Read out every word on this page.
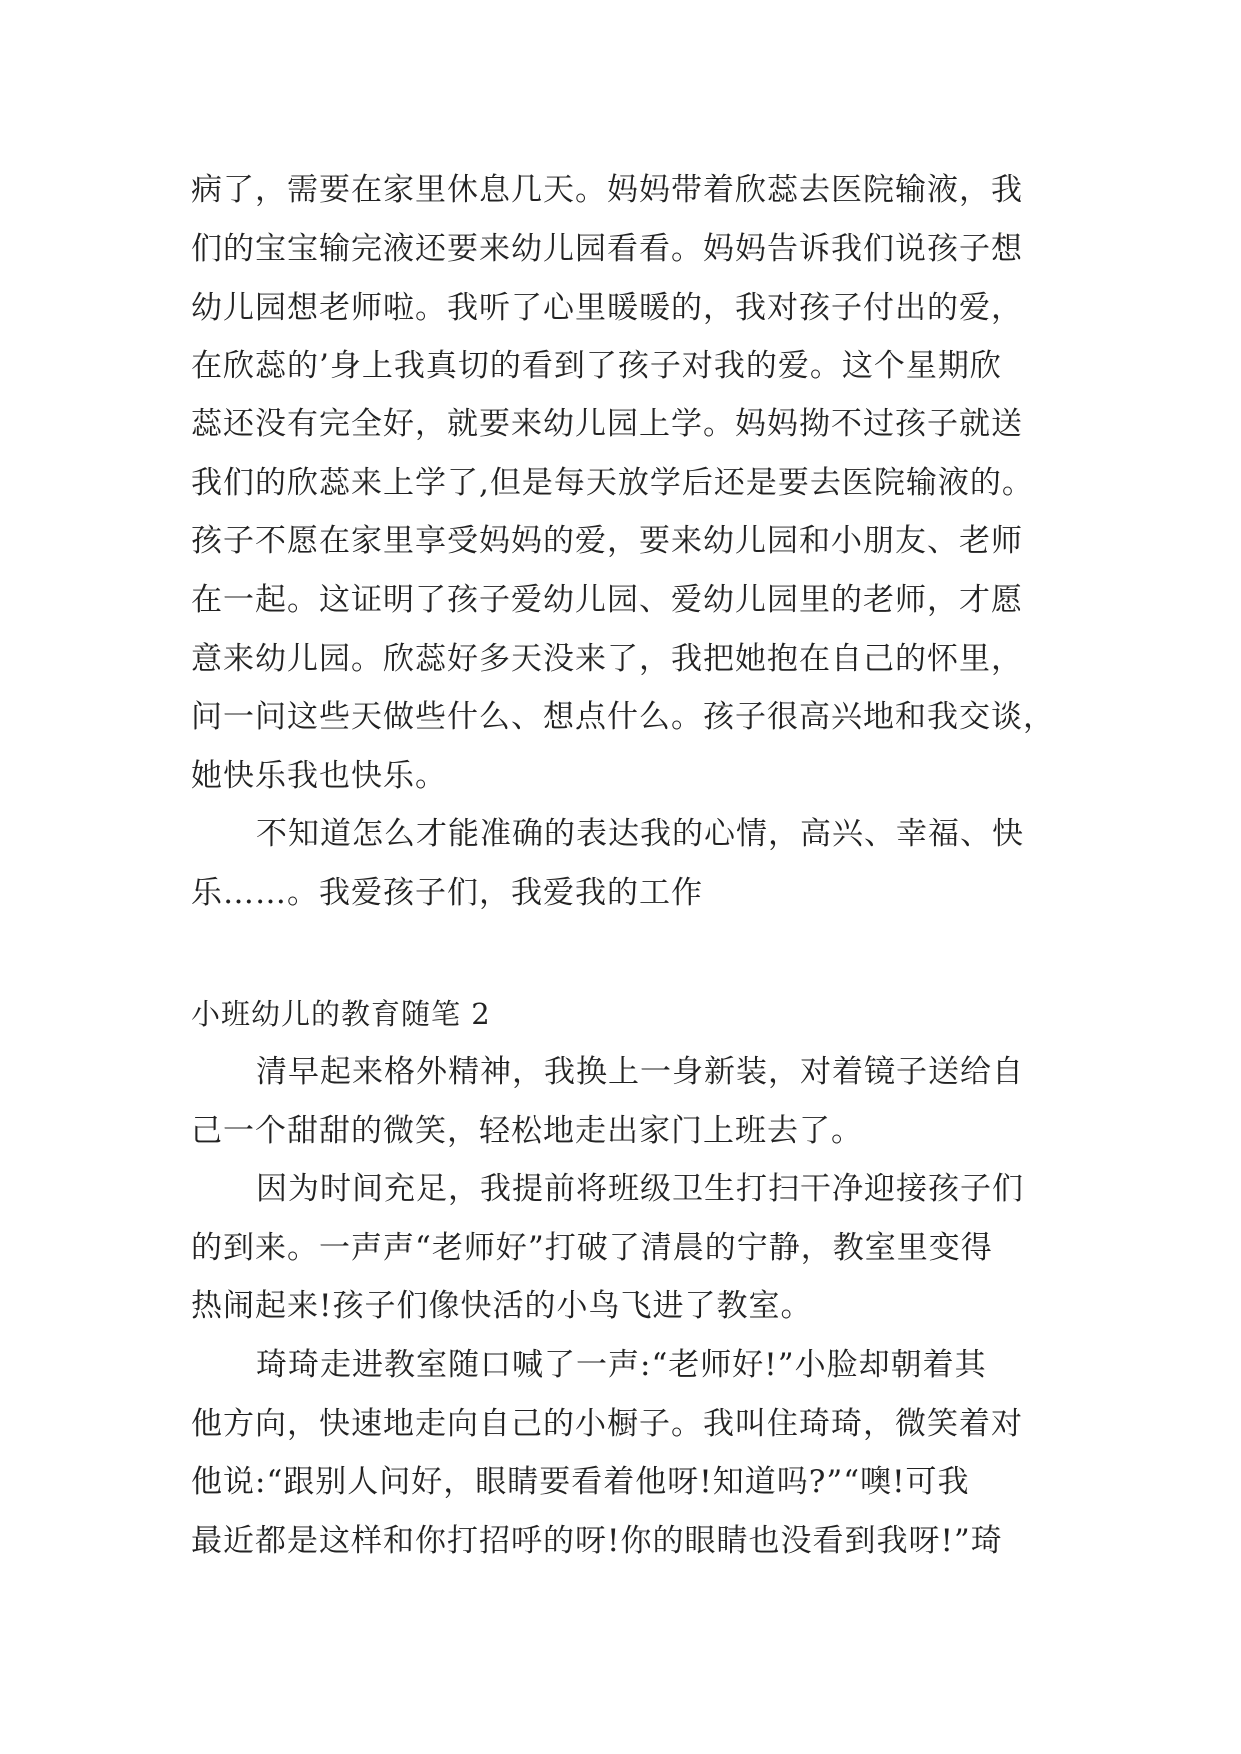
病了，需要在家里休息几天。妈妈带着欣蕊去医院输液，我
们的宝宝输完液还要来幼儿园看看。妈妈告诉我们说孩子想
幼儿园想老师啦。我听了心里暖暖的，我对孩子付出的爱，
在欣蕊的’身上我真切的看到了孩子对我的爱。这个星期欣
蕊还没有完全好，就要来幼儿园上学。妈妈拗不过孩子就送
我们的欣蕊来上学了,但是每天放学后还是要去医院输液的。
孩子不愿在家里享受妈妈的爱，要来幼儿园和小朋友、老师
在一起。这证明了孩子爱幼儿园、爱幼儿园里的老师，才愿
意来幼儿园。欣蕊好多天没来了，我把她抱在自己的怀里，
问一问这些天做些什么、想点什么。孩子很高兴地和我交谈，
她快乐我也快乐。
不知道怎么才能准确的表达我的心情，高兴、幸福、快
乐……。我爱孩子们，我爱我的工作
小班幼儿的教育随笔 2
清早起来格外精神，我换上一身新装，对着镜子送给自
己一个甜甜的微笑，轻松地走出家门上班去了。
因为时间充足，我提前将班级卫生打扫干净迎接孩子们
的到来。一声声“老师好”打破了清晨的宁静，教室里变得
热闹起来!孩子们像快活的小鸟飞进了教室。
琦琦走进教室随口喊了一声:“老师好!”小脸却朝着其
他方向，快速地走向自己的小橱子。我叫住琦琦，微笑着对
他说:“跟别人问好，眼睛要看着他呀!知道吗?”“噢!可我
最近都是这样和你打招呼的呀!你的眼睛也没看到我呀!”琦
